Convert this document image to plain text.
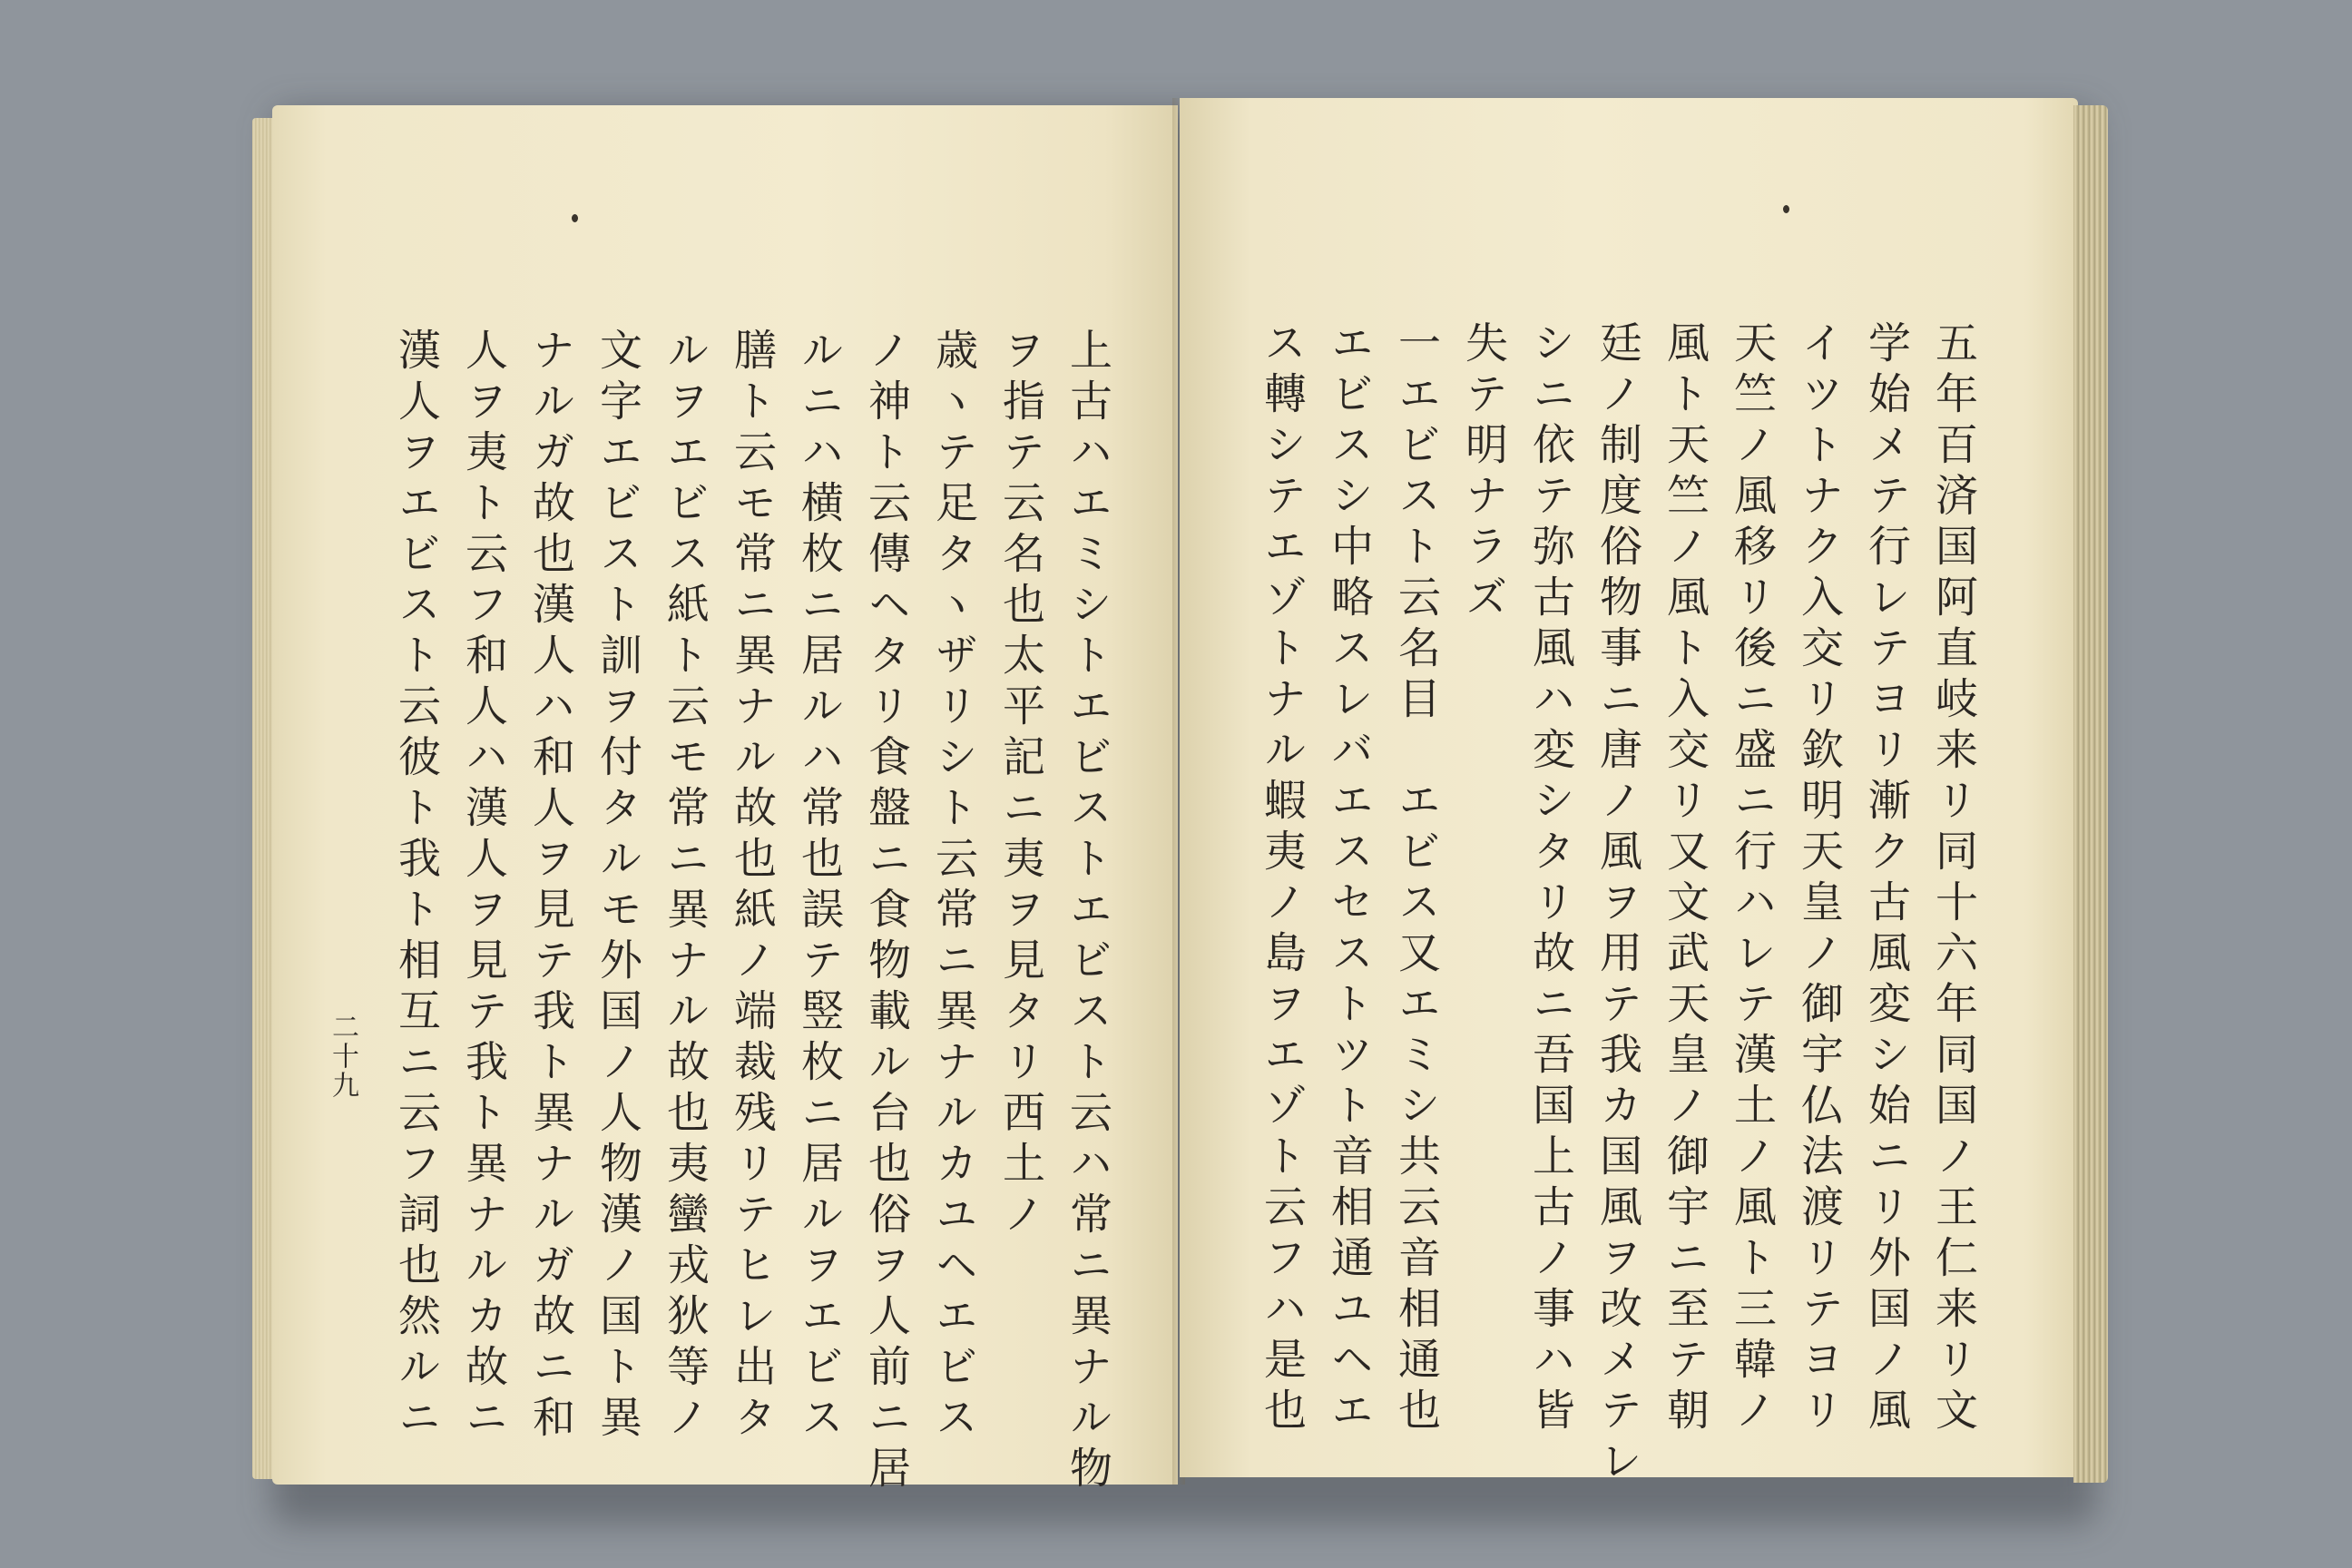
上古ハエミシトエビストエビスト云ハ常ニ異ナル物
ヲ指テ云名也太平記ニ夷ヲ見タリ西土ノ
歳ヽテ足タヽザリシト云常ニ異ナルカユヘエビス
ノ神ト云傳ヘタリ食盤ニ食物載ル台也俗ヲ人前ニ居
ルニハ横枚ニ居ルハ常也誤テ竪枚ニ居ルヲエビス
膳ト云モ常ニ異ナル故也紙ノ端裁残リテヒレ出タ
ルヲエビス紙ト云モ常ニ異ナル故也夷蠻戎狄等ノ
文字エビスト訓ヲ付タルモ外国ノ人物漢ノ国ト異
ナルガ故也漢人ハ和人ヲ見テ我ト異ナルガ故ニ和
人ヲ夷ト云フ和人ハ漢人ヲ見テ我ト異ナルカ故ニ
漢人ヲエビスト云彼ト我ト相互ニ云フ詞也然ルニ
二十九	五年百済国阿直岐来リ同十六年同国ノ王仁来リ文
学始メテ行レテヨリ漸ク古風変シ始ニリ外国ノ風
イツトナク入交リ欽明天皇ノ御宇仏法渡リテヨリ
天竺ノ風移リ後ニ盛ニ行ハレテ漢土ノ風ト三韓ノ
風ト天竺ノ風ト入交リ又文武天皇ノ御宇ニ至テ朝
廷ノ制度俗物事ニ唐ノ風ヲ用テ我カ国風ヲ改メテレ
シニ依テ弥古風ハ変シタリ故ニ吾国上古ノ事ハ皆
失テ明ナラズ
一エビスト云名目　エビス又エミシ共云音相通也
エビスシ中略スレバエスセストツト音相通ユヘエ
ス轉シテエゾトナル蝦夷ノ島ヲエゾト云フハ是也
